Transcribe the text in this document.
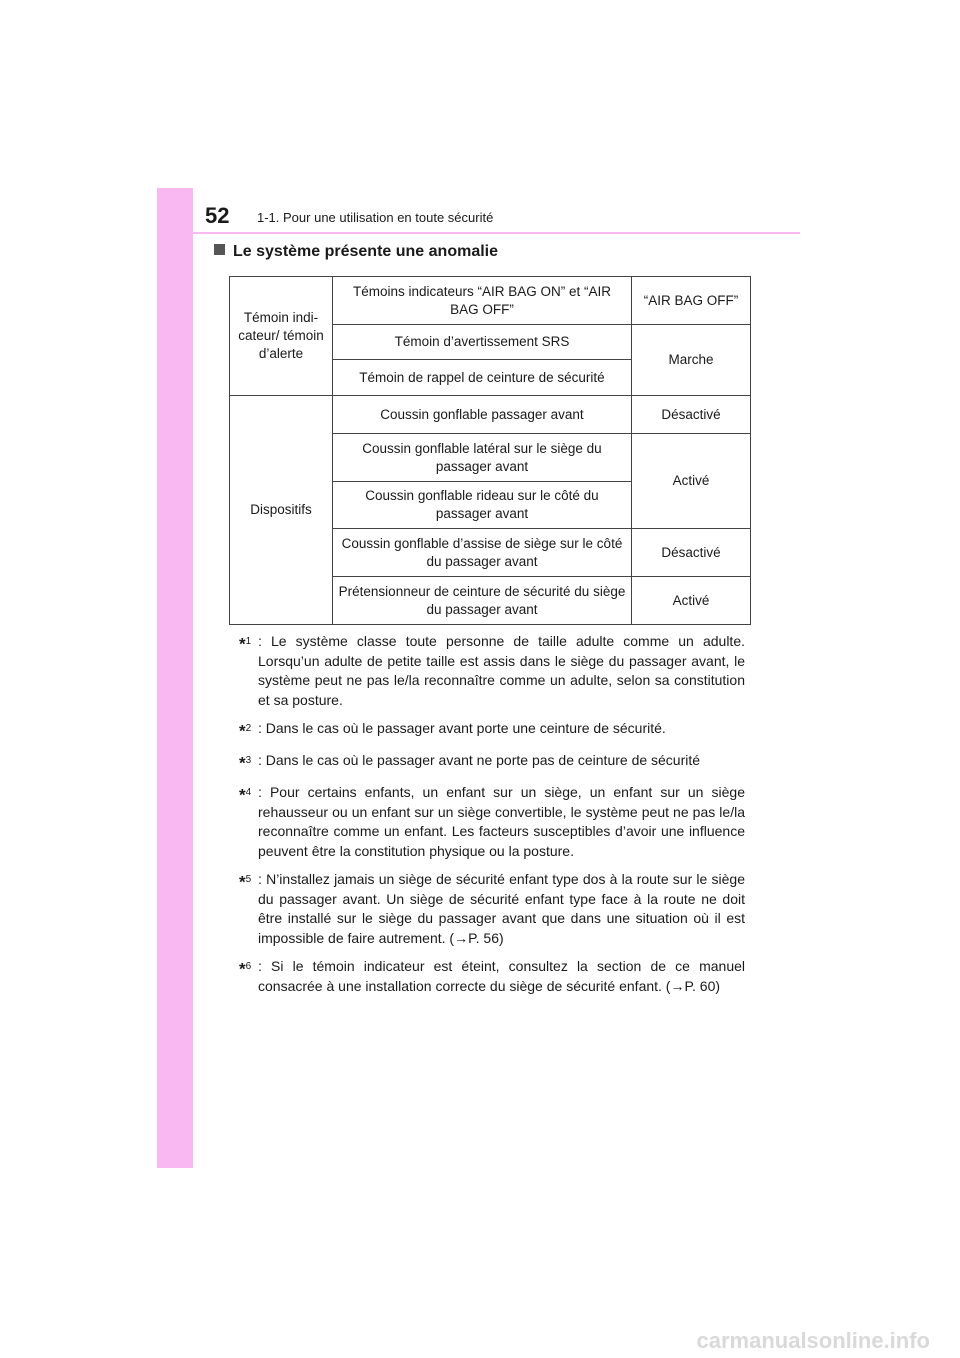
52 1-1. Pour une utilisation en toute sécurité
Le système présente une anomalie
Témoin indi-cateur/ témoin d’alerte	Témoins indicateurs “AIR BAG ON” et “AIR BAG OFF”	“AIR BAG OFF”
	Témoin d’avertissement SRS	Marche
	Témoin de rappel de ceinture de sécurité	
Dispositifs	Coussin gonflable passager avant	Désactivé
	Coussin gonflable latéral sur le siège du passager avant	Activé
	Coussin gonflable rideau sur le côté du passager avant	
	Coussin gonflable d’assise de siège sur le côté du passager avant	Désactivé
	Prétensionneur de ceinture de sécurité du siège du passager avant	Activé
*$^1$ : Le système classe toute personne de taille adulte comme un adulte. Lorsqu’un adulte de petite taille est assis dans le siège du passager avant, le système peut ne pas le/la reconnaître comme un adulte, selon sa constitution et sa posture.
*$^2$ : Dans le cas où le passager avant porte une ceinture de sécurité.
*$^3$ : Dans le cas où le passager avant ne porte pas de ceinture de sécurité
*$^4$ : Pour certains enfants, un enfant sur un siège, un enfant sur un siège rehausseur ou un enfant sur un siège convertible, le système peut ne pas le/la reconnaître comme un enfant. Les facteurs susceptibles d’avoir une influence peuvent être la constitution physique ou la posture.
*$^5$ : N’installez jamais un siège de sécurité enfant type dos à la route sur le siège du passager avant. Un siège de sécurité enfant type face à la route ne doit être installé sur le siège du passager avant que dans une situation où il est impossible de faire autrement. (→P. 56)
*$^6$ : Si le témoin indicateur est éteint, consultez la section de ce manuel consacrée à une installation correcte du siège de sécurité enfant. (→P. 60)
carmanualsonline.info
